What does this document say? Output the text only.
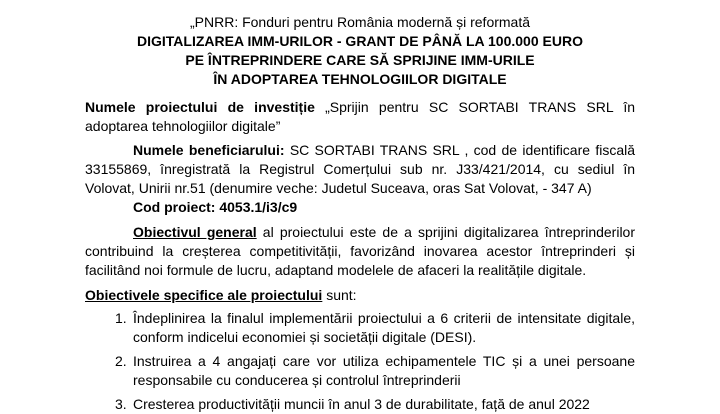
„PNRR: Fonduri pentru România modernă și reformată
DIGITALIZAREA IMM-URILOR - GRANT DE PÂNĂ LA 100.000 EURO
PE ÎNTREPRINDERE CARE SĂ SPRIJINE IMM-URILE
ÎN ADOPTAREA TEHNOLOGIILOR DIGITALE

Numele proiectului de investiție „Sprijin pentru SC SORTABI TRANS SRL în adoptarea tehnologiilor digitale”

Numele beneficiarului: SC SORTABI TRANS SRL , cod de identificare fiscală 33155869, înregistrată la Registrul Comerțului sub nr. J33/421/2014, cu sediul în Volovat, Unirii nr.51 (denumire veche: Judetul Suceava, oras Sat Volovat, - 347 A)

Cod proiect: 4053.1/i3/c9

Obiectivul general al proiectului este de a sprijini digitalizarea întreprinderilor contribuind la creșterea competitivității, favorizând inovarea acestor întreprinderi și facilitând noi formule de lucru, adaptand modelele de afaceri la realitățile digitale.

Obiectivele specifice ale proiectului sunt:

1. Îndeplinirea la finalul implementării proiectului a 6 criterii de intensitate digitale, conform indicelui economiei și societății digitale (DESI).
2. Instruirea a 4 angajați care vor utiliza echipamentele TIC și a unei persoane responsabile cu conducerea și controlul întreprinderii
3. Cresterea productivității muncii în anul 3 de durabilitate, față de anul 2022
